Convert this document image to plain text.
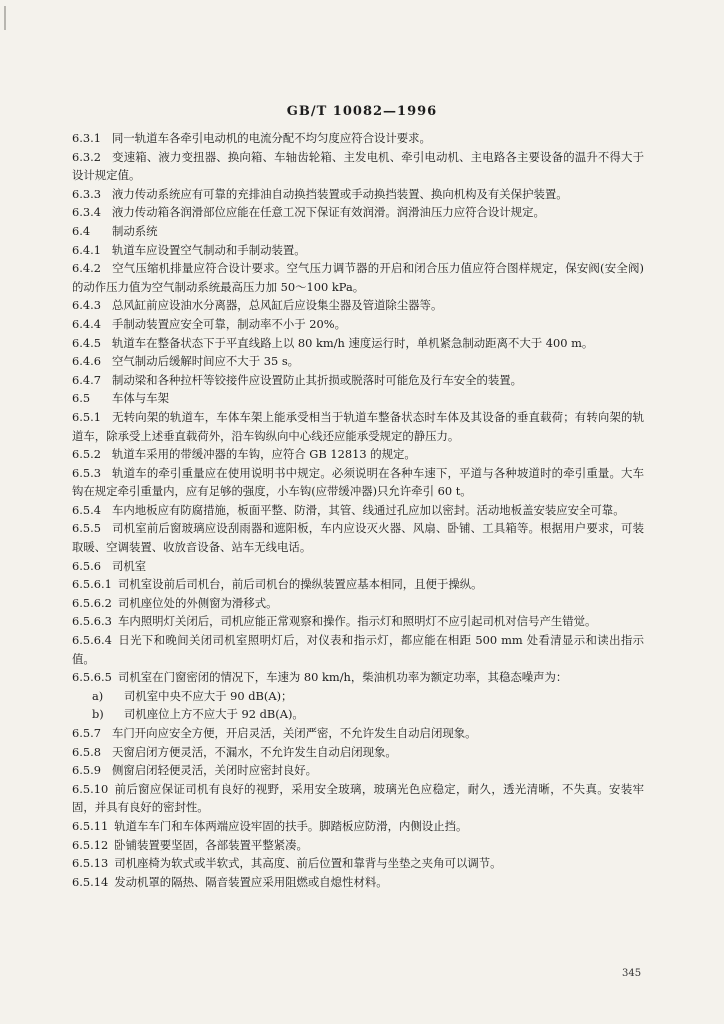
GB/T 10082—1996
6.3.1 同一轨道车各牵引电动机的电流分配不均匀度应符合设计要求。
6.3.2 变速箱、液力变扭器、换向箱、车轴齿轮箱、主发电机、牵引电动机、主电路各主要设备的温升不得大于设计规定值。
6.3.3 液力传动系统应有可靠的充排油自动换挡装置或手动换挡装置、换向机构及有关保护装置。
6.3.4 液力传动箱各润滑部位应能在任意工况下保证有效润滑。润滑油压力应符合设计规定。
6.4 制动系统
6.4.1 轨道车应设置空气制动和手制动装置。
6.4.2 空气压缩机排量应符合设计要求。空气压力调节器的开启和闭合压力值应符合图样规定，保安阀(安全阀)的动作压力值为空气制动系统最高压力加 50～100 kPa。
6.4.3 总风缸前应设油水分离器，总风缸后应设集尘器及管道除尘器等。
6.4.4 手制动装置应安全可靠，制动率不小于 20%。
6.4.5 轨道车在整备状态下于平直线路上以 80 km/h 速度运行时，单机紧急制动距离不大于 400 m。
6.4.6 空气制动后缓解时间应不大于 35 s。
6.4.7 制动梁和各种拉杆等铰接件应设置防止其折损或脱落时可能危及行车安全的装置。
6.5 车体与车架
6.5.1 无转向架的轨道车，车体车架上能承受相当于轨道车整备状态时车体及其设备的垂直载荷；有转向架的轨道车，除承受上述垂直载荷外，沿车钩纵向中心线还应能承受规定的静压力。
6.5.2 轨道车采用的带缓冲器的车钩，应符合 GB 12813 的规定。
6.5.3 轨道车的牵引重量应在使用说明书中规定。必须说明在各种车速下，平道与各种坡道时的牵引重量。大车钩在规定牵引重量内，应有足够的强度，小车钩(应带缓冲器)只允许牵引 60 t。
6.5.4 车内地板应有防腐措施，板面平整、防滑，其管、线通过孔应加以密封。活动地板盖安装应安全可靠。
6.5.5 司机室前后窗玻璃应设刮雨器和遮阳板，车内应设灭火器、风扇、卧铺、工具箱等。根据用户要求，可装取暖、空调装置、收放音设备、站车无线电话。
6.5.6 司机室
6.5.6.1 司机室设前后司机台，前后司机台的操纵装置应基本相同，且便于操纵。
6.5.6.2 司机座位处的外侧窗为滑移式。
6.5.6.3 车内照明灯关闭后，司机应能正常观察和操作。指示灯和照明灯不应引起司机对信号产生错觉。
6.5.6.4 日光下和晚间关闭司机室照明灯后，对仪表和指示灯，都应能在相距 500 mm 处看清显示和读出指示值。
6.5.6.5 司机室在门窗密闭的情况下，车速为 80 km/h，柴油机功率为额定功率，其稳态噪声为：
a) 司机室中央不应大于 90 dB(A)；
b) 司机座位上方不应大于 92 dB(A)。
6.5.7 车门开向应安全方便，开启灵活，关闭严密，不允许发生自动启闭现象。
6.5.8 天窗启闭方便灵活，不漏水，不允许发生自动启闭现象。
6.5.9 侧窗启闭轻便灵活，关闭时应密封良好。
6.5.10 前后窗应保证司机有良好的视野，采用安全玻璃，玻璃光色应稳定，耐久，透光清晰，不失真。安装牢固，并具有良好的密封性。
6.5.11 轨道车车门和车体两端应设牢固的扶手。脚踏板应防滑，内侧设止挡。
6.5.12 卧铺装置要坚固，各部装置平整紧凑。
6.5.13 司机座椅为软式或半软式，其高度、前后位置和靠背与坐垫之夹角可以调节。
6.5.14 发动机罩的隔热、隔音装置应采用阻燃或自熄性材料。
345
